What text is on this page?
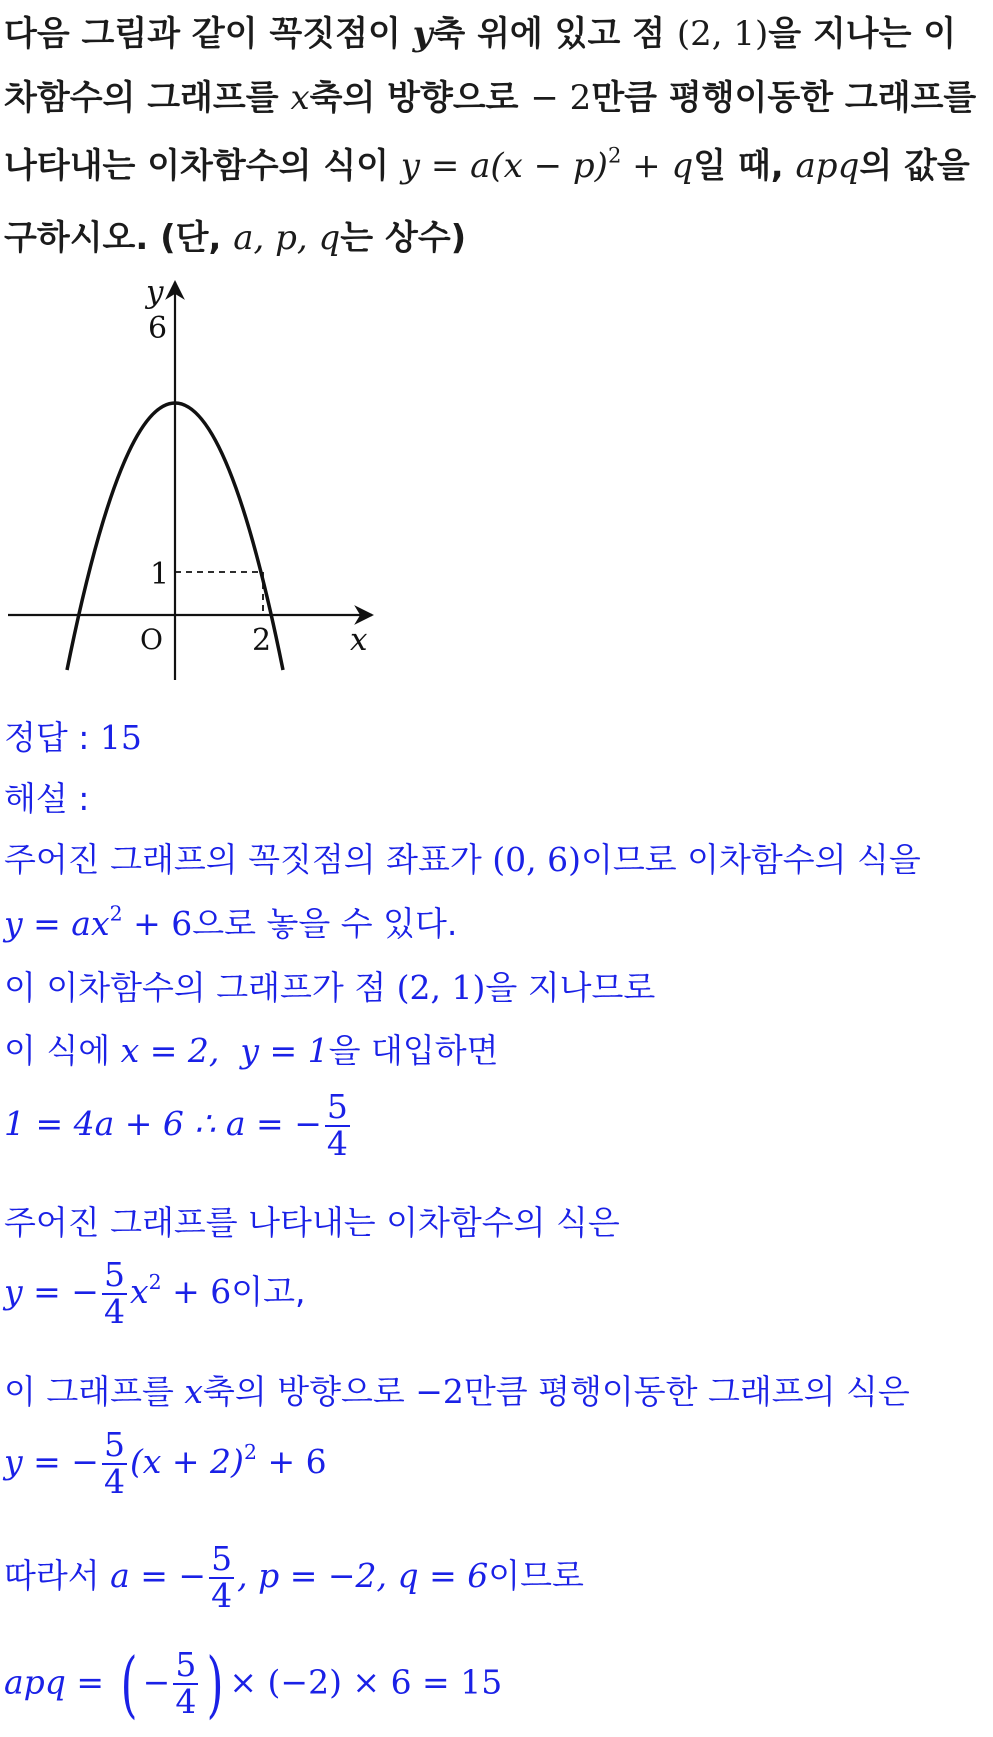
다음 그림과 같이 꼭짓점이 y축 위에 있고 점 (2, 1)을 지나는 이
차함수의 그래프를 x축의 방향으로 − 2만큼 평행이동한 그래프를
나타내는 이차함수의 식이 $y = a(x - p)^2 + q$일 때, apq의 값을
구하시오. (단, a, p, q는 상수)
y
x
O
6
1
2
정답 : 15
해설 :
주어진 그래프의 꼭짓점의 좌표가 (0, 6)이므로 이차함수의 식을
$y = ax^2 + 6$으로 놓을 수 있다.
이 이차함수의 그래프가 점 (2, 1)을 지나므로
이 식에 x = 2, y = 1을 대입하면
1 = 4a + 6 ∴ a = − $\frac{5}{4}$
주어진 그래프를 나타내는 이차함수의 식은
y = − $\frac{5}{4} x^2 + 6$이고,
이 그래프를 x축의 방향으로 −2만큼 평행이동한 그래프의 식은
y = − $\frac{5}{4} (x + 2)^2 + 6$
따라서 a = − $\frac{5}{4}$ , p = −2, q = 6이므로
apq = ( − $\frac{5}{4}$ ) × (−2) × 6 = 15
